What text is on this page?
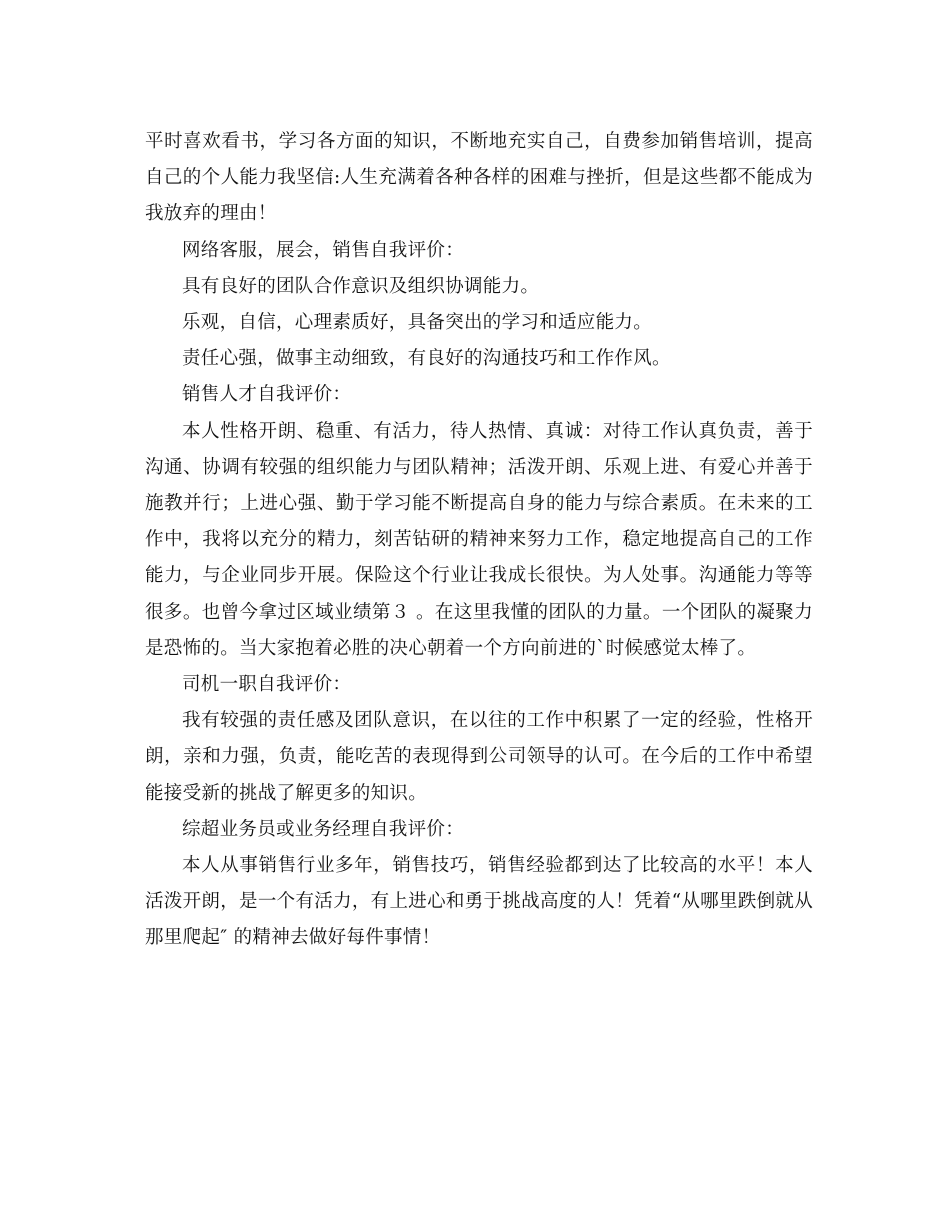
平时喜欢看书，学习各方面的知识，不断地充实自己，自费参加销售培训，提高自己的个人能力我坚信:人生充满着各种各样的困难与挫折，但是这些都不能成为我放弃的理由！

网络客服，展会，销售自我评价：

具有良好的团队合作意识及组织协调能力。

乐观，自信，心理素质好，具备突出的学习和适应能力。

责任心强，做事主动细致，有良好的沟通技巧和工作作风。

销售人才自我评价：

本人性格开朗、稳重、有活力，待人热情、真诚：对待工作认真负责，善于沟通、协调有较强的组织能力与团队精神；活泼开朗、乐观上进、有爱心并善于施教并行；上进心强、勤于学习能不断提高自身的能力与综合素质。在未来的工作中，我将以充分的精力，刻苦钻研的精神来努力工作，稳定地提高自己的工作能力，与企业同步开展。保险这个行业让我成长很快。为人处事。沟通能力等等很多。也曾今拿过区域业绩第３ 。在这里我懂的团队的力量。一个团队的凝聚力是恐怖的。当大家抱着必胜的决心朝着一个方向前进的`时候感觉太棒了。

司机一职自我评价：

我有较强的责任感及团队意识，在以往的工作中积累了一定的经验，性格开朗，亲和力强，负责，能吃苦的表现得到公司领导的认可。在今后的工作中希望能接受新的挑战了解更多的知识。

综超业务员或业务经理自我评价：

本人从事销售行业多年，销售技巧，销售经验都到达了比较高的水平！本人活泼开朗，是一个有活力，有上进心和勇于挑战高度的人！凭着“从哪里跌倒就从那里爬起″ 的精神去做好每件事情！
